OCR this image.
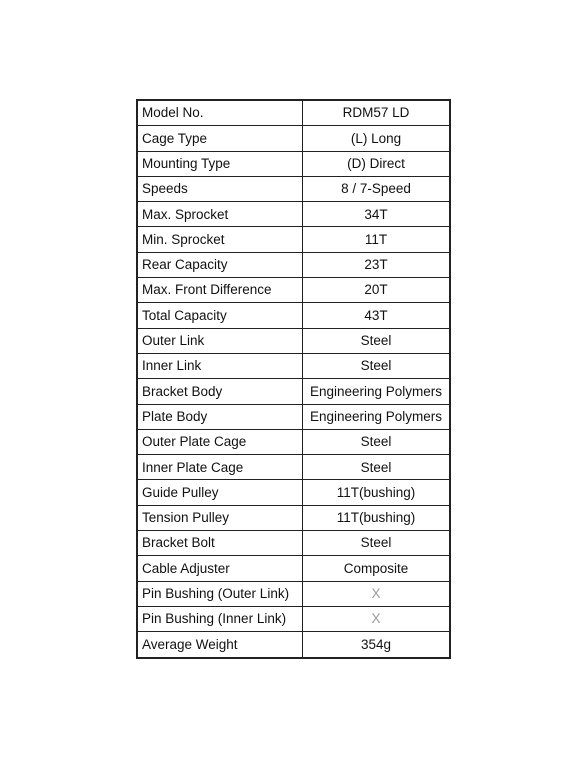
Model No.	RDM57 LD
Cage Type	(L) Long
Mounting Type	(D) Direct
Speeds	8 / 7-Speed
Max. Sprocket	34T
Min. Sprocket	11T
Rear Capacity	23T
Max. Front Difference	20T
Total Capacity	43T
Outer Link	Steel
Inner Link	Steel
Bracket Body	Engineering Polymers
Plate Body	Engineering Polymers
Outer Plate Cage	Steel
Inner Plate Cage	Steel
Guide Pulley	11T(bushing)
Tension Pulley	11T(bushing)
Bracket Bolt	Steel
Cable Adjuster	Composite
Pin Bushing (Outer Link)	X
Pin Bushing (Inner Link)	X
Average Weight	354g
